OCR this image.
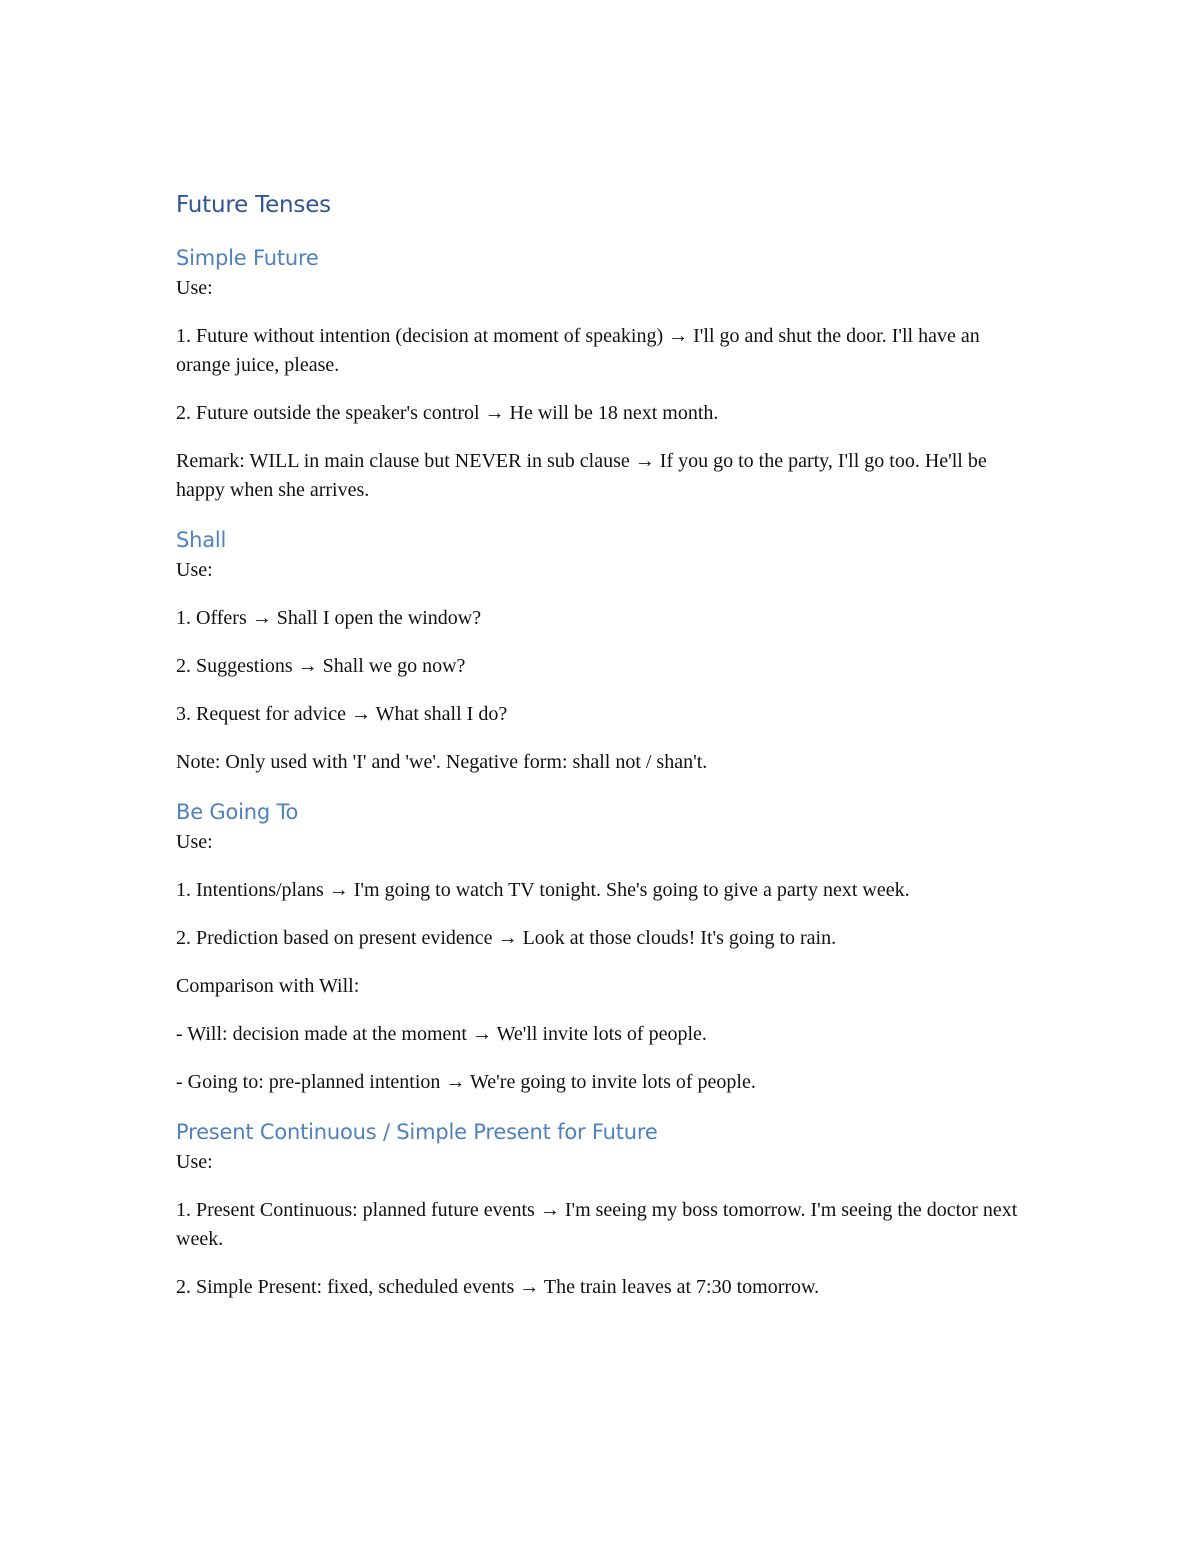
Future Tenses
Simple Future
Use:
1. Future without intention (decision at moment of speaking) → I'll go and shut the door. I'll have an orange juice, please.
2. Future outside the speaker's control → He will be 18 next month.
Remark: WILL in main clause but NEVER in sub clause → If you go to the party, I'll go too. He'll be happy when she arrives.
Shall
Use:
1. Offers → Shall I open the window?
2. Suggestions → Shall we go now?
3. Request for advice → What shall I do?
Note: Only used with 'I' and 'we'. Negative form: shall not / shan't.
Be Going To
Use:
1. Intentions/plans → I'm going to watch TV tonight. She's going to give a party next week.
2. Prediction based on present evidence → Look at those clouds! It's going to rain.
Comparison with Will:
- Will: decision made at the moment → We'll invite lots of people.
- Going to: pre-planned intention → We're going to invite lots of people.
Present Continuous / Simple Present for Future
Use:
1. Present Continuous: planned future events → I'm seeing my boss tomorrow. I'm seeing the doctor next week.
2. Simple Present: fixed, scheduled events → The train leaves at 7:30 tomorrow.
